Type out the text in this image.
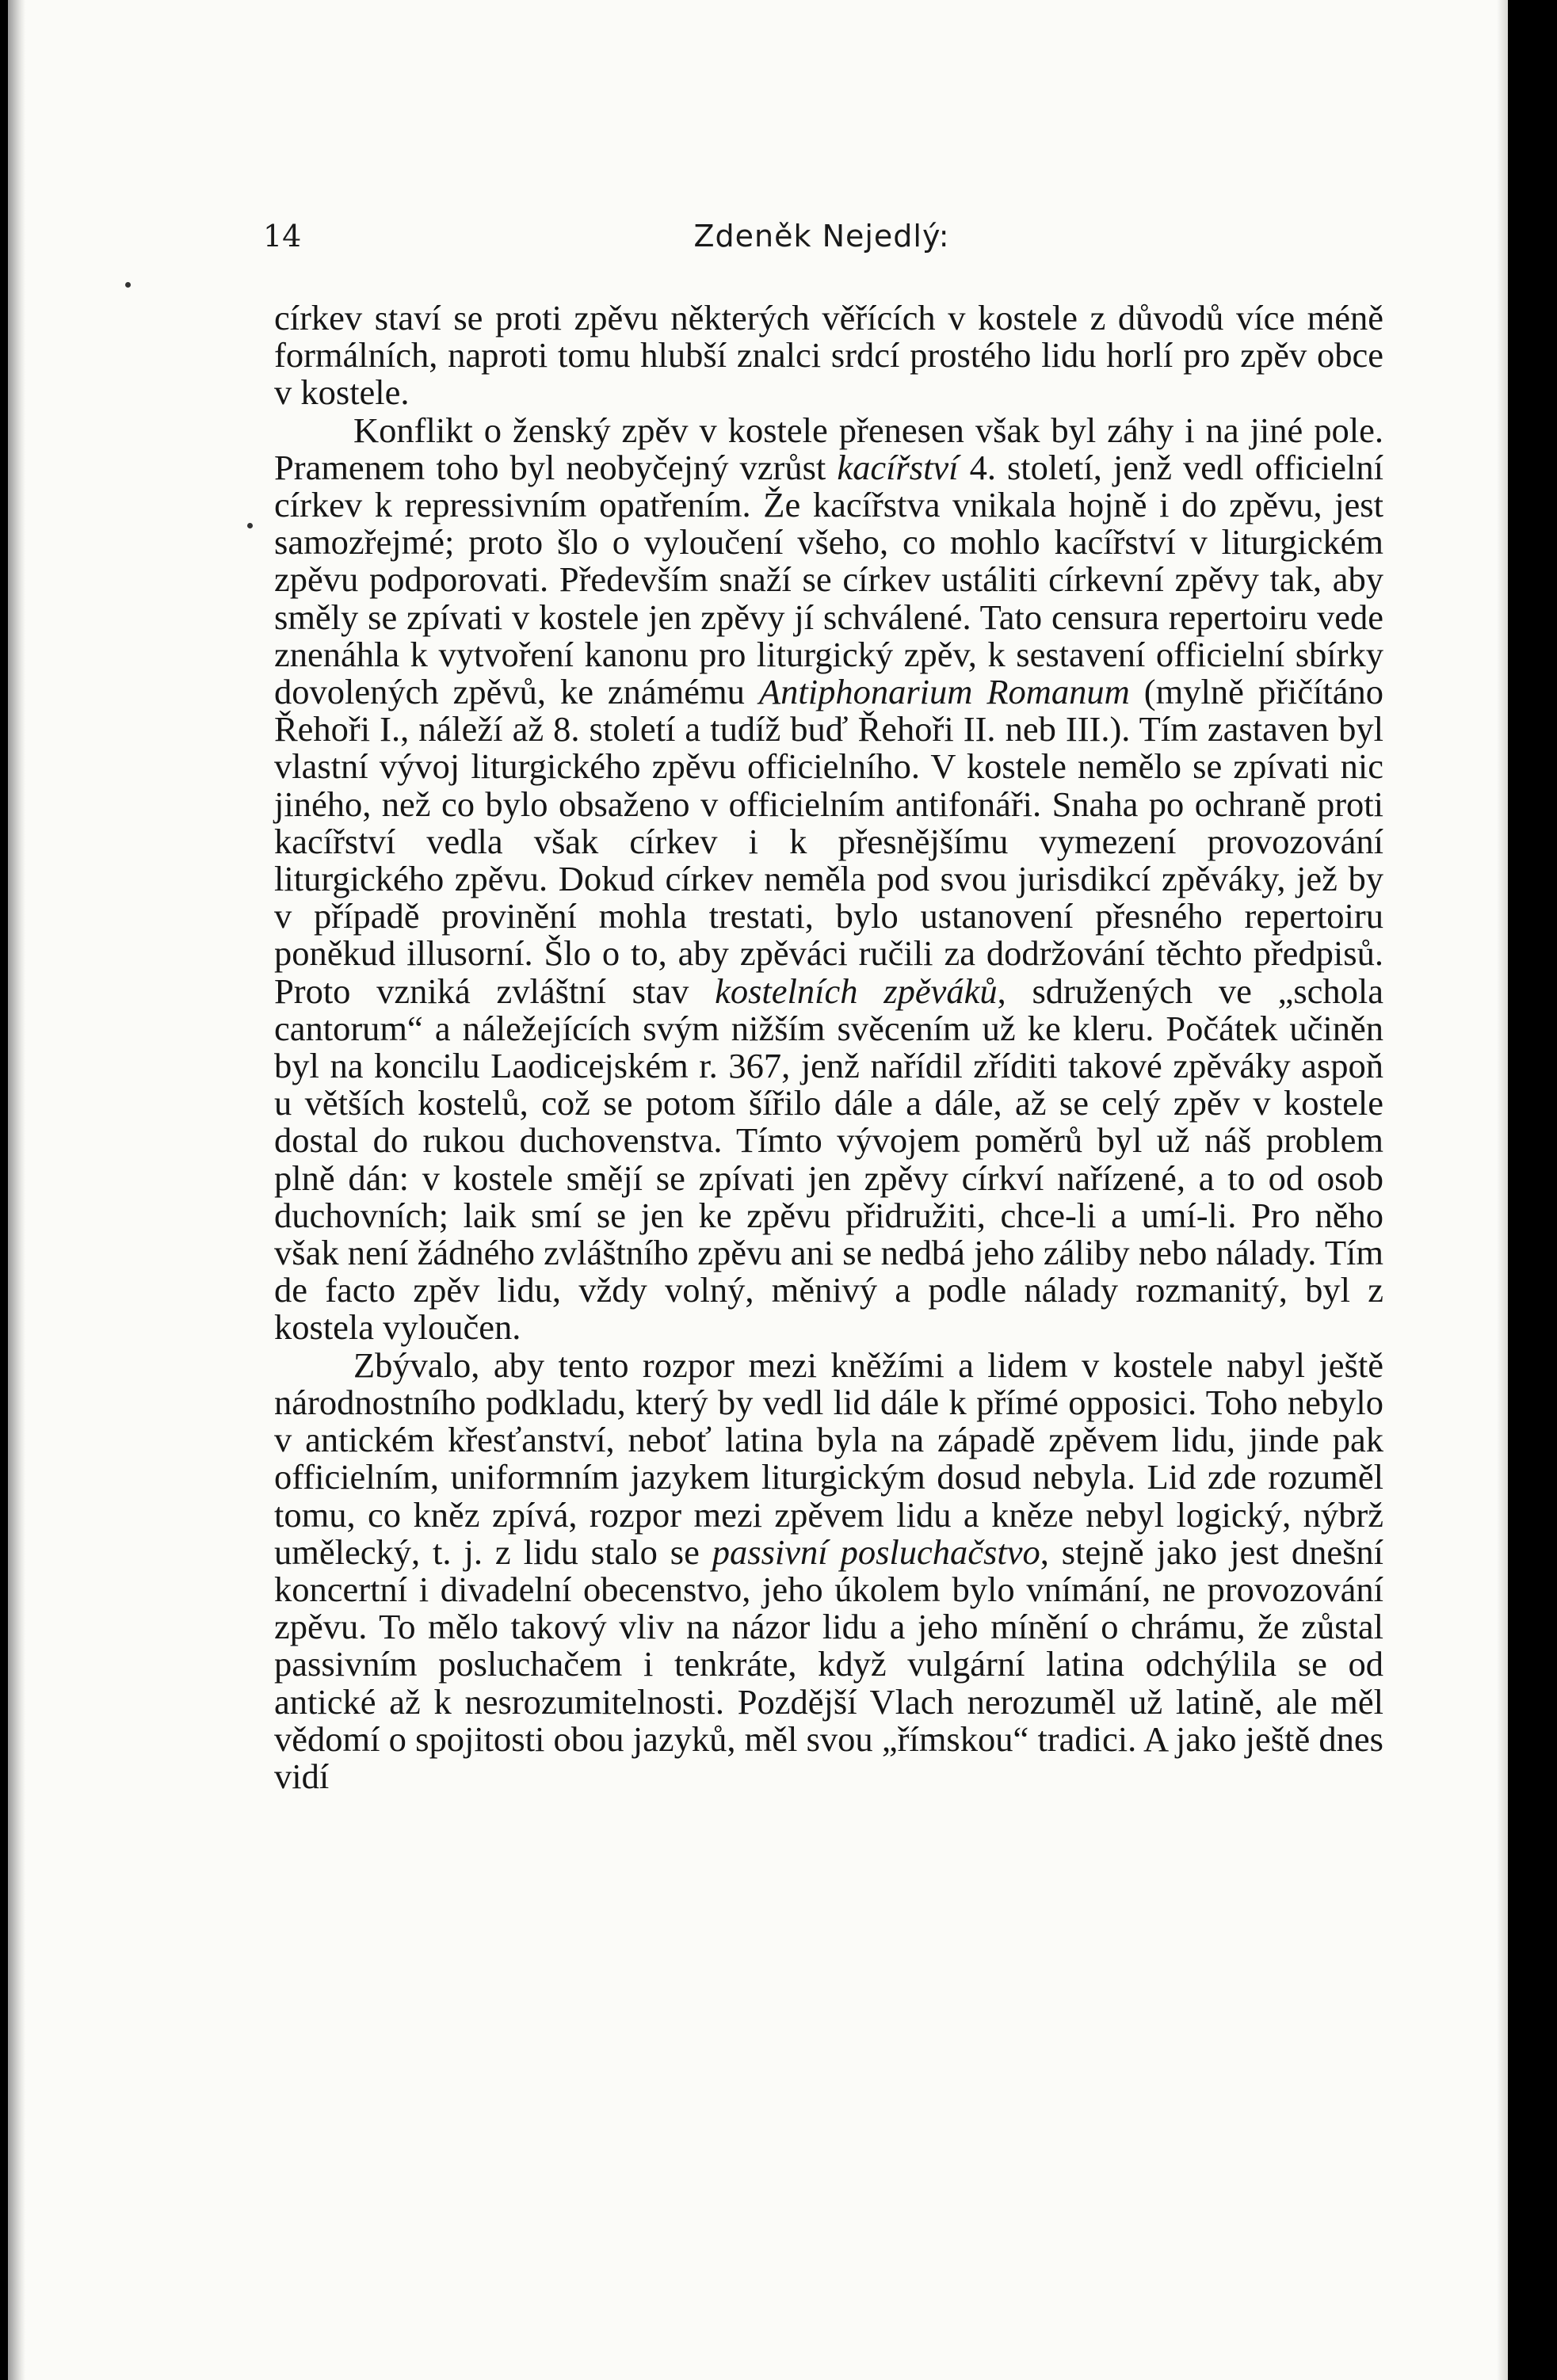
14	Zdeněk Nejedlý:

církev staví se proti zpěvu některých věřících v kostele z důvodů více méně formálních, naproti tomu hlubší znalci srdcí prostého lidu horlí pro zpěv obce v kostele.

Konflikt o ženský zpěv v kostele přenesen však byl záhy i na jiné pole. Pramenem toho byl neobyčejný vzrůst kacířství 4. století, jenž vedl officielní církev k repressivním opatřením. Že kacířstva vnikala hojně i do zpěvu, jest samozřejmé; proto šlo o vyloučení všeho, co mohlo kacířství v liturgickém zpěvu podporovati. Především snaží se církev ustáliti církevní zpěvy tak, aby směly se zpívati v kostele jen zpěvy jí schválené. Tato censura repertoiru vede znenáhla k vytvoření kanonu pro liturgický zpěv, k sestavení officielní sbírky dovolených zpěvů, ke známému Antiphonarium Romanum (mylně přičítáno Řehoři I., náleží až 8. století a tudíž buď Řehoři II. neb III.). Tím zastaven byl vlastní vývoj liturgického zpěvu officielního. V kostele nemělo se zpívati nic jiného, než co bylo obsaženo v officielním antifonáři. Snaha po ochraně proti kacířství vedla však církev i k přesnějšímu vymezení provozování liturgického zpěvu. Dokud církev neměla pod svou jurisdikcí zpěváky, jež by v případě provinění mohla trestati, bylo ustanovení přesného repertoiru poněkud illusorní. Šlo o to, aby zpěváci ručili za dodržování těchto předpisů. Proto vzniká zvláštní stav kostelních zpěváků, sdružených ve „schola cantorum“ a náležejících svým nižším svěcením už ke kleru. Počátek učiněn byl na koncilu Laodicejském r. 367, jenž nařídil zříditi takové zpěváky aspoň u větších kostelů, což se potom šířilo dále a dále, až se celý zpěv v kostele dostal do rukou duchovenstva. Tímto vývojem poměrů byl už náš problem plně dán: v kostele smějí se zpívati jen zpěvy církví nařízené, a to od osob duchovních; laik smí se jen ke zpěvu přidružiti, chce-li a umí-li. Pro něho však není žádného zvláštního zpěvu ani se nedbá jeho záliby nebo nálady. Tím de facto zpěv lidu, vždy volný, měnivý a podle nálady rozmanitý, byl z kostela vyloučen.

Zbývalo, aby tento rozpor mezi kněžími a lidem v kostele nabyl ještě národnostního podkladu, který by vedl lid dále k přímé opposici. Toho nebylo v antickém křesťanství, neboť latina byla na západě zpěvem lidu, jinde pak officielním, uniformním jazykem liturgickým dosud nebyla. Lid zde rozuměl tomu, co kněz zpívá, rozpor mezi zpěvem lidu a kněze nebyl logický, nýbrž umělecký, t. j. z lidu stalo se passivní posluchačstvo, stejně jako jest dnešní koncertní i divadelní obecenstvo, jeho úkolem bylo vnímání, ne provozování zpěvu. To mělo takový vliv na názor lidu a jeho mínění o chrámu, že zůstal passivním posluchačem i tenkráte, když vulgární latina odchýlila se od antické až k nesrozumitelnosti. Pozdější Vlach nerozuměl už latině, ale měl vědomí o spojitosti obou jazyků, měl svou „římskou“ tradici. A jako ještě dnes vidí
